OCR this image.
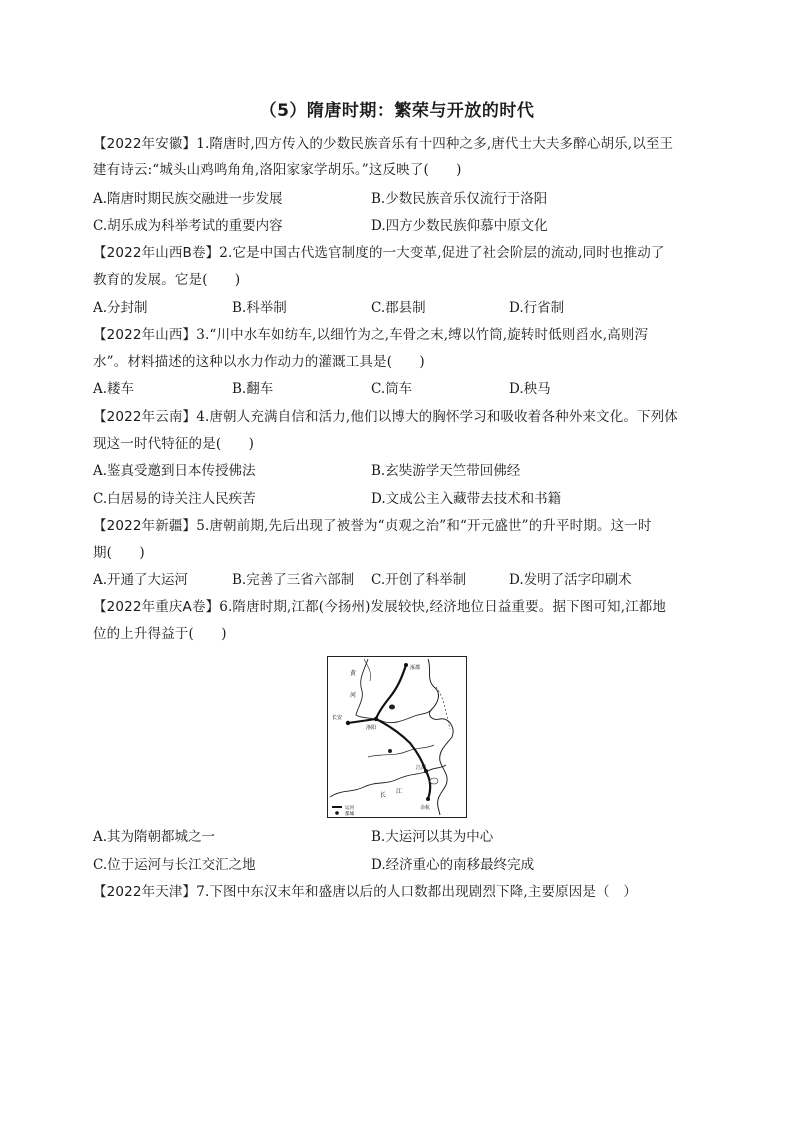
（5）隋唐时期：繁荣与开放的时代
【2022年安徽】1.隋唐时,四方传入的少数民族音乐有十四种之多,唐代士大夫多醉心胡乐,以至王
建有诗云:“城头山鸡鸣角角,洛阳家家学胡乐。”这反映了(　　)
A.隋唐时期民族交融进一步发展	B.少数民族音乐仅流行于洛阳
C.胡乐成为科举考试的重要内容	D.四方少数民族仰慕中原文化
【2022年山西B卷】2.它是中国古代选官制度的一大变革,促进了社会阶层的流动,同时也推动了
教育的发展。它是(　　)
A.分封制	B.科举制	C.郡县制	D.行省制
【2022年山西】3.“川中水车如纺车,以细竹为之,车骨之末,缚以竹筒,旋转时低则舀水,高则泻
水”。材料描述的这种以水力作动力的灌溉工具是(　　)
A.耧车	B.翻车	C.筒车	D.秧马
【2022年云南】4.唐朝人充满自信和活力,他们以博大的胸怀学习和吸收着各种外来文化。下列体
现这一时代特征的是(　　)
A.鉴真受邀到日本传授佛法	B.玄奘游学天竺带回佛经
C.白居易的诗关注人民疾苦	D.文成公主入藏带去技术和书籍
【2022年新疆】5.唐朝前期,先后出现了被誉为“贞观之治”和“开元盛世”的升平时期。这一时
期(　　)
A.开通了大运河	B.完善了三省六部制 C.开创了科举制	D.发明了活字印刷术
【2022年重庆A卷】6.隋唐时期,江都(今扬州)发展较快,经济地位日益重要。据下图可知,江都地
位的上升得益于(　　)
涿郡
黄
河
长安
洛阳
余杭
江都
长
江
运河
都城
A.其为隋朝都城之一	B.大运河以其为中心
C.位于运河与长江交汇之地	D.经济重心的南移最终完成
【2022年天津】7.下图中东汉末年和盛唐以后的人口数都出现剧烈下降,主要原因是（　）
